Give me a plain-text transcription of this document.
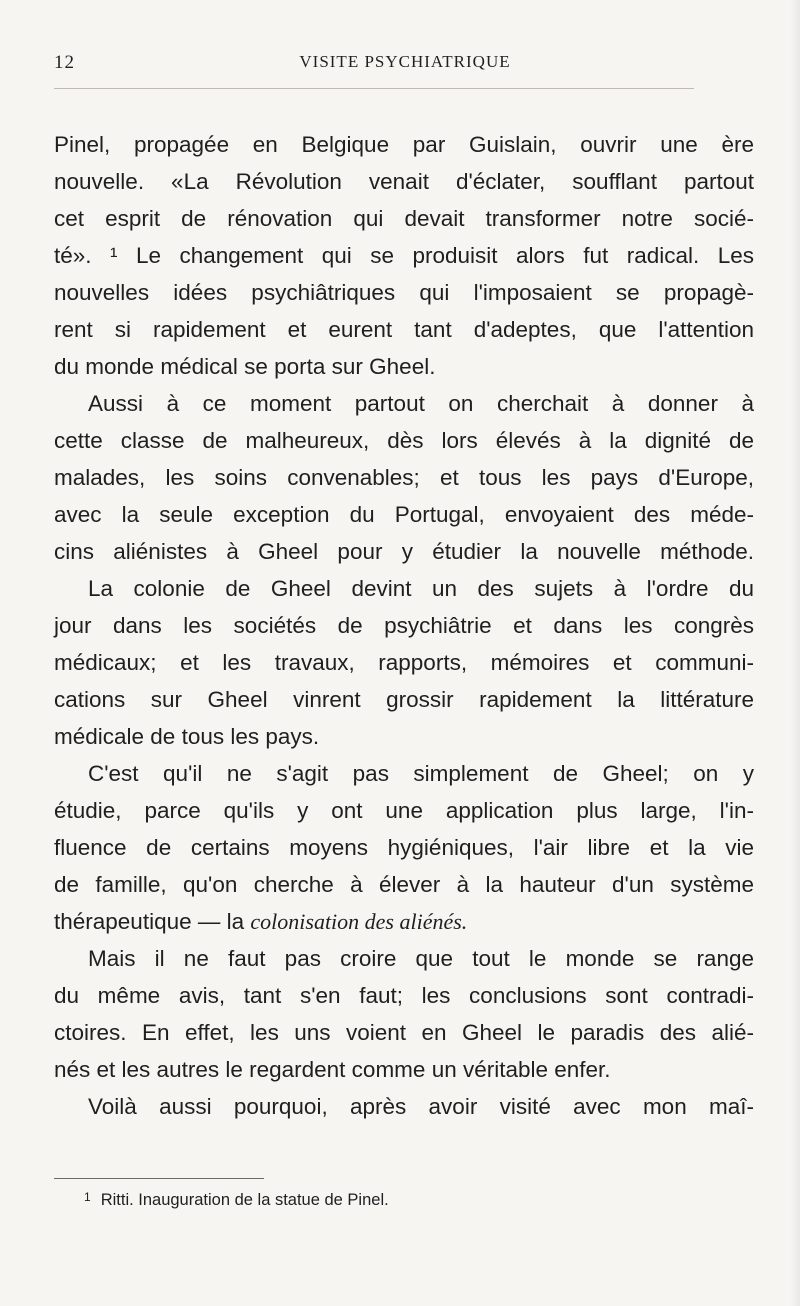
12	VISITE PSYCHIATRIQUE
Pinel, propagée en Belgique par Guislain, ouvrir une ère
nouvelle. «La Révolution venait d'éclater, soufflant partout
cet esprit de rénovation qui devait transformer notre socié-
té». ¹ Le changement qui se produisit alors fut radical. Les
nouvelles idées psychiâtriques qui l'imposaient se propagè-
rent si rapidement et eurent tant d'adeptes, que l'attention
du monde médical se porta sur Gheel.
Aussi à ce moment partout on cherchait à donner à
cette classe de malheureux, dès lors élevés à la dignité de
malades, les soins convenables; et tous les pays d'Europe,
avec la seule exception du Portugal, envoyaient des méde-
cins aliénistes à Gheel pour y étudier la nouvelle méthode.
La colonie de Gheel devint un des sujets à l'ordre du
jour dans les sociétés de psychiâtrie et dans les congrès
médicaux; et les travaux, rapports, mémoires et communi-
cations sur Gheel vinrent grossir rapidement la littérature
médicale de tous les pays.
C'est qu'il ne s'agit pas simplement de Gheel; on y
étudie, parce qu'ils y ont une application plus large, l'in-
fluence de certains moyens hygiéniques, l'air libre et la vie
de famille, qu'on cherche à élever à la hauteur d'un système
thérapeutique — la colonisation des aliénés.
Mais il ne faut pas croire que tout le monde se range
du même avis, tant s'en faut; les conclusions sont contradi-
ctoires. En effet, les uns voient en Gheel le paradis des alié-
nés et les autres le regardent comme un véritable enfer.
Voilà aussi pourquoi, après avoir visité avec mon maî-
$^1$ Ritti. Inauguration de la statue de Pinel.
